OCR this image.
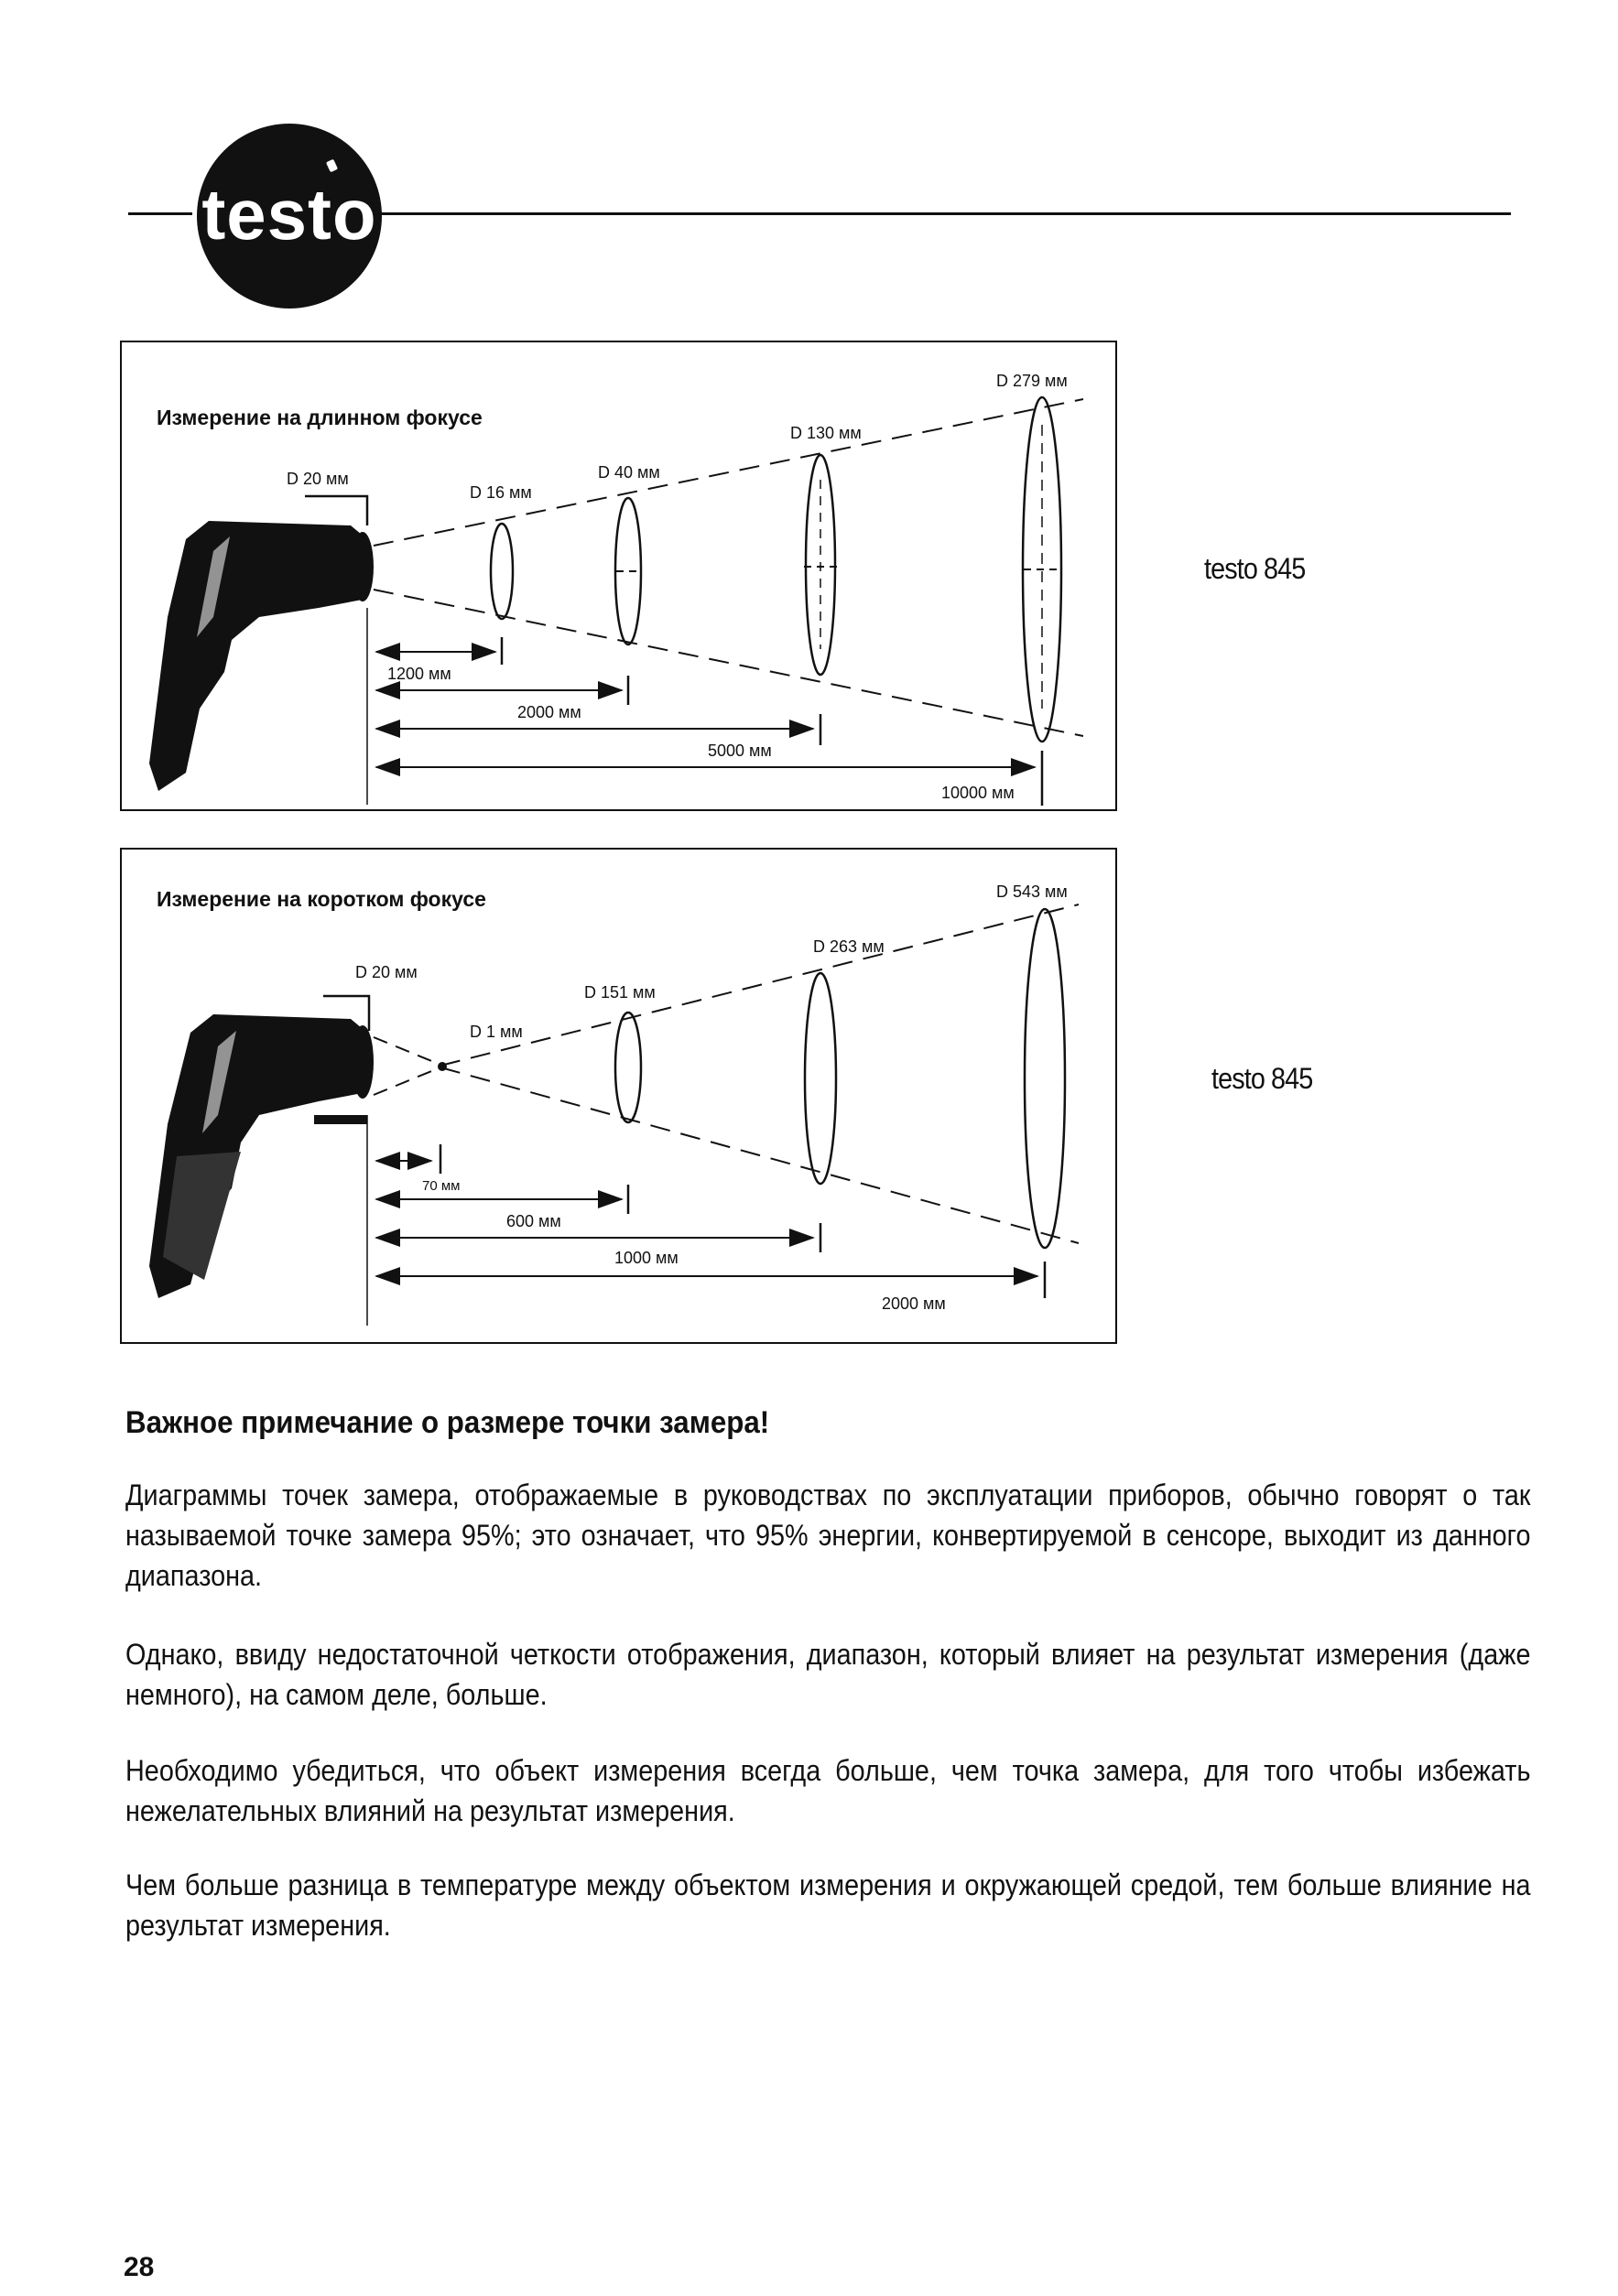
testo
Измерение на длинном фокусе
D 20 мм
D 16 мм
D 40 мм
D 130 мм
D 279 мм
1200 мм
2000 мм
5000 мм
10000 мм
testo 845
Измерение на коротком фокусе
D 20 мм
D 1 мм
D 151 мм
D 263 мм
D 543 мм
70 мм
600 мм
1000 мм
2000 мм
testo 845
Важное примечание о размере точки замера!
Диаграммы точек замера, отображаемые в руководствах по эксплуатации приборов, обычно говорят о так называемой точке замера 95%; это означает, что 95% энергии, конвертируемой в сенсоре, выходит из данного диапазона.
Однако, ввиду недостаточной четкости отображения, диапазон, который влияет на результат измерения (даже немного), на самом деле, больше.
Необходимо убедиться, что объект измерения всегда больше, чем точка замера, для того чтобы избежать нежелательных влияний на результат измерения.
Чем больше разница в температуре между объектом измерения и окружающей средой, тем больше влияние на результат измерения.
28
